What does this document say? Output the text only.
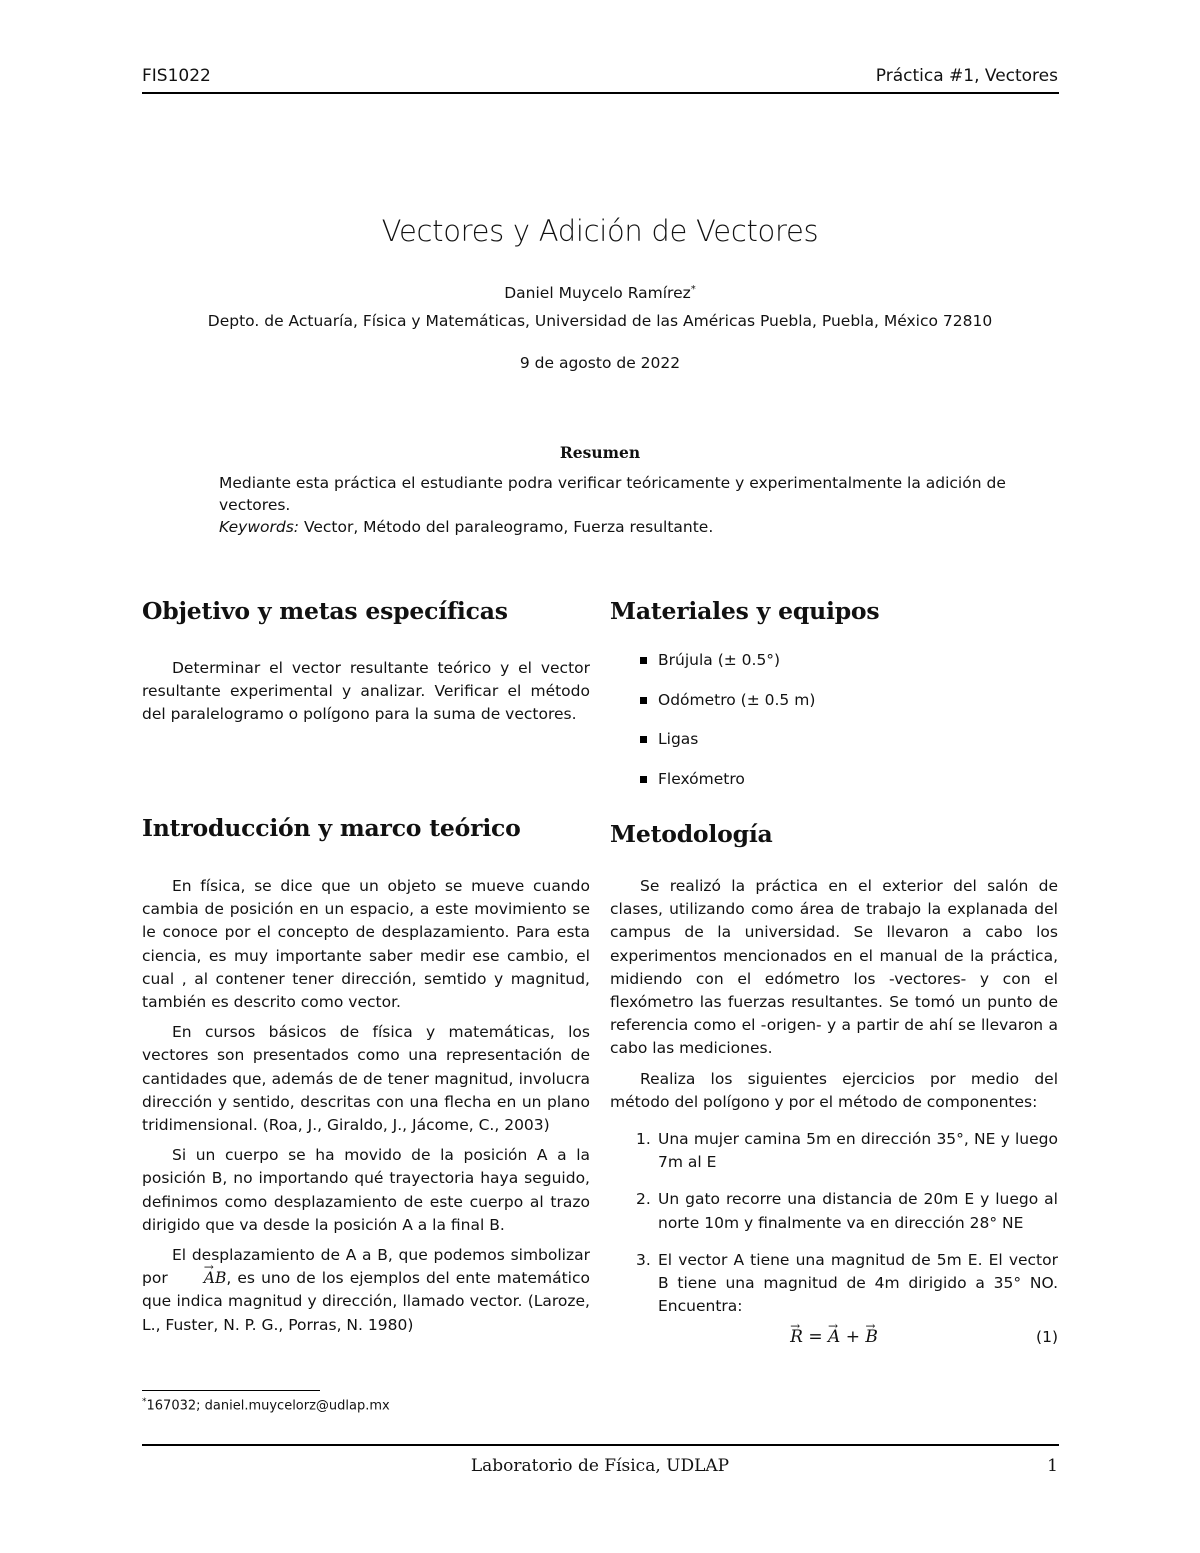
FIS1022	Práctica #1, Vectores
Vectores y Adición de Vectores
Daniel Muycelo Ramírez*
Depto. de Actuaría, Física y Matemáticas, Universidad de las Américas Puebla, Puebla, México 72810
9 de agosto de 2022
Resumen

Mediante esta práctica el estudiante podra verificar teóricamente y experimentalmente la adición de vectores.

Keywords: Vector, Método del paraleogramo, Fuerza resultante.

Objetivo y metas específicas

Determinar el vector resultante teórico y el vector resultante experimental y analizar. Verificar el método del paralelogramo o polígono para la suma de vectores.

Introducción y marco teórico

En física, se dice que un objeto se mueve cuando cambia de posición en un espacio, a este movimiento se le conoce por el concepto de desplazamiento. Para esta ciencia, es muy importante saber medir ese cambio, el cual , al contener tener dirección, semtido y magnitud, también es descrito como vector.

En cursos básicos de física y matemáticas, los vectores son presentados como una representación de cantidades que, además de de tener magnitud, involucra dirección y sentido, descritas con una flecha en un plano tridimensional. (Roa, J., Giraldo, J., Jácome, C., 2003)

Si un cuerpo se ha movido de la posición A a la posición B, no importando qué trayectoria haya seguido, definimos como desplazamiento de este cuerpo al trazo dirigido que va desde la posición A a la final B.

El desplazamiento de A a B, que podemos simbolizar por → AB, es uno de los ejemplos del ente matemático que indica magnitud y dirección, llamado vector. (Laroze, L., Fuster, N. P. G., Porras, N. 1980)

Materiales y equipos
Brújula (± 0.5°)
Odómetro (± 0.5 m)
Ligas
Flexómetro
Metodología

Se realizó la práctica en el exterior del salón de clases, utilizando como área de trabajo la explanada del campus de la universidad. Se llevaron a cabo los experimentos mencionados en el manual de la práctica, midiendo con el edómetro los -vectores- y con el flexómetro las fuerzas resultantes. Se tomó un punto de referencia como el -origen- y a partir de ahí se llevaron a cabo las mediciones.

Realiza los siguientes ejercicios por medio del método del polígono y por el método de componentes:

1. Una mujer camina 5m en dirección 35°, NE y luego 7m al E
2. Un gato recorre una distancia de 20m E y luego al norte 10m y finalmente va en dirección 28° NE
3. El vector A tiene una magnitud de 5m E. El vector B tiene una magnitud de 4m dirigido a 35° NO. Encuentra:
→ R = → A + → B	(1)
*167032; daniel.muycelorz@udlap.mx
Laboratorio de Física, UDLAP	1
